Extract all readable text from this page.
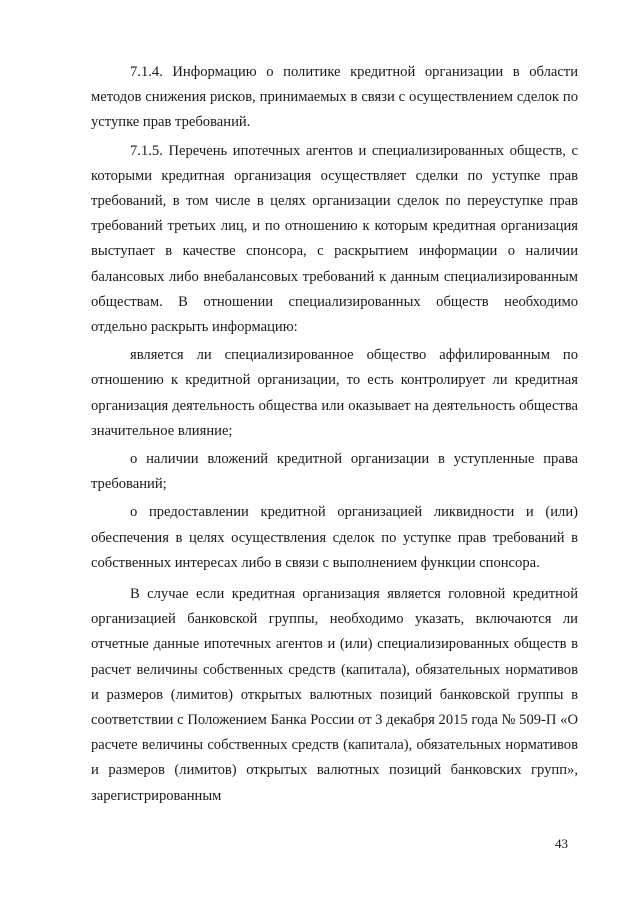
7.1.4. Информацию о политике кредитной организации в области методов снижения рисков, принимаемых в связи с осуществлением сделок по уступке прав требований.

7.1.5. Перечень ипотечных агентов и специализированных обществ, с которыми кредитная организация осуществляет сделки по уступке прав требований, в том числе в целях организации сделок по переуступке прав требований третьих лиц, и по отношению к которым кредитная организация выступает в качестве спонсора, с раскрытием информации о наличии балансовых либо внебалансовых требований к данным специализированным обществам. В отношении специализированных обществ необходимо отдельно раскрыть информацию:

является ли специализированное общество аффилированным по отношению к кредитной организации, то есть контролирует ли кредитная организация деятельность общества или оказывает на деятельность общества значительное влияние;

о наличии вложений кредитной организации в уступленные права требований;

о предоставлении кредитной организацией ликвидности и (или) обеспечения в целях осуществления сделок по уступке прав требований в собственных интересах либо в связи с выполнением функции спонсора.

В случае если кредитная организация является головной кредитной организацией банковской группы, необходимо указать, включаются ли отчетные данные ипотечных агентов и (или) специализированных обществ в расчет величины собственных средств (капитала), обязательных нормативов и размеров (лимитов) открытых валютных позиций банковской группы в соответствии с Положением Банка России от 3 декабря 2015 года № 509-П «О расчете величины собственных средств (капитала), обязательных нормативов и размеров (лимитов) открытых валютных позиций банковских групп», зарегистрированным

43
